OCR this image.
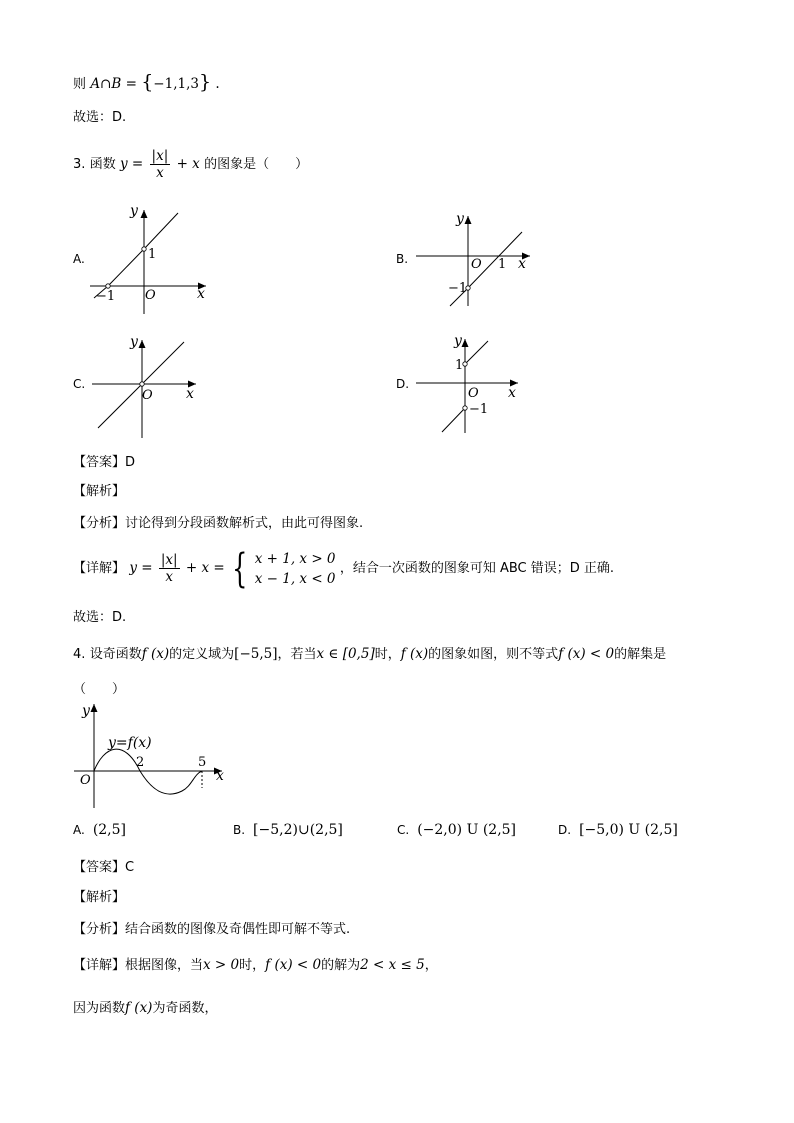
则 A∩B = {−1,1,3} .
故选：D.
3. 函数 $y = \frac{|x|}{x} + x$ 的图象是（　　）
A.	1
−1 O	x
y
B.	O 1 x
−1
y
C.
O x
y
D.
1
O x
−1
y
【答案】D
【解析】
【分析】讨论得到分段函数解析式，由此可得图象.
【详解】 $y = \frac{|x|}{x} + x$ = { x + 1, x > 0
x − 1, x < 0
，结合一次函数的图象可知 ABC 错误；D 正确.
故选：D.
4. 设奇函数f (x)的定义域为[−5,5]，若当x ∈ [0,5]时，f (x)的图象如图，则不等式f (x) < 0的解集是
（　　）
y=f(x)
2	5
O	x
y
A. (2,5]	B. [−5,2)∪(2,5]	C. (−2,0) U (2,5]	D. [−5,0) U (2,5]
【答案】C
【解析】
【分析】结合函数的图像及奇偶性即可解不等式.
【详解】根据图像，当x > 0时，f (x) < 0的解为2 < x ≤ 5，
因为函数f (x)为奇函数，
